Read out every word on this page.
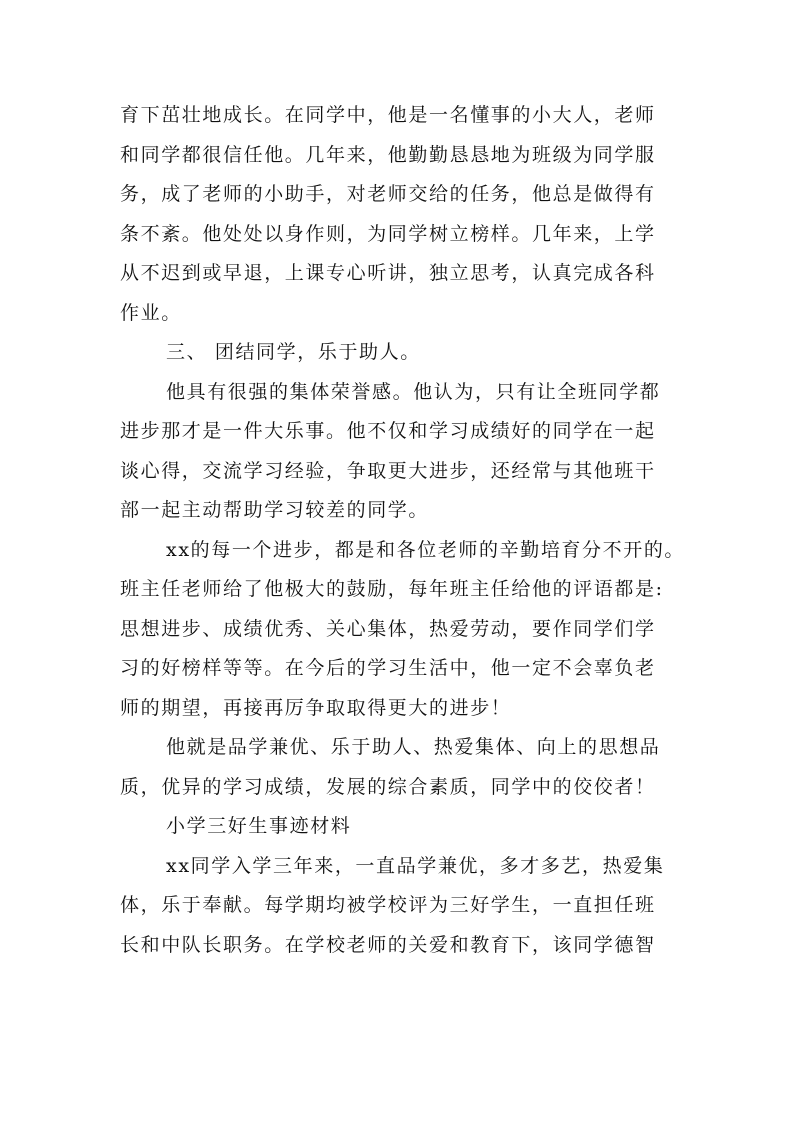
育下茁壮地成长。在同学中，他是一名懂事的小大人，老师
和同学都很信任他。几年来，他勤勤恳恳地为班级为同学服
务，成了老师的小助手，对老师交给的任务，他总是做得有
条不紊。他处处以身作则，为同学树立榜样。几年来，上学
从不迟到或早退，上课专心听讲，独立思考，认真完成各科
作业。
三、 团结同学，乐于助人。
他具有很强的集体荣誉感。他认为，只有让全班同学都
进步那才是一件大乐事。他不仅和学习成绩好的同学在一起
谈心得，交流学习经验，争取更大进步，还经常与其他班干
部一起主动帮助学习较差的同学。
xx的每一个进步，都是和各位老师的辛勤培育分不开的。
班主任老师给了他极大的鼓励，每年班主任给他的评语都是:
思想进步、成绩优秀、关心集体，热爱劳动，要作同学们学
习的好榜样等等。在今后的学习生活中，他一定不会辜负老
师的期望，再接再厉争取取得更大的进步！
他就是品学兼优、乐于助人、热爱集体、向上的思想品
质，优异的学习成绩，发展的综合素质，同学中的佼佼者！
小学三好生事迹材料
xx同学入学三年来，一直品学兼优，多才多艺，热爱集
体，乐于奉献。每学期均被学校评为三好学生，一直担任班
长和中队长职务。在学校老师的关爱和教育下，该同学德智
